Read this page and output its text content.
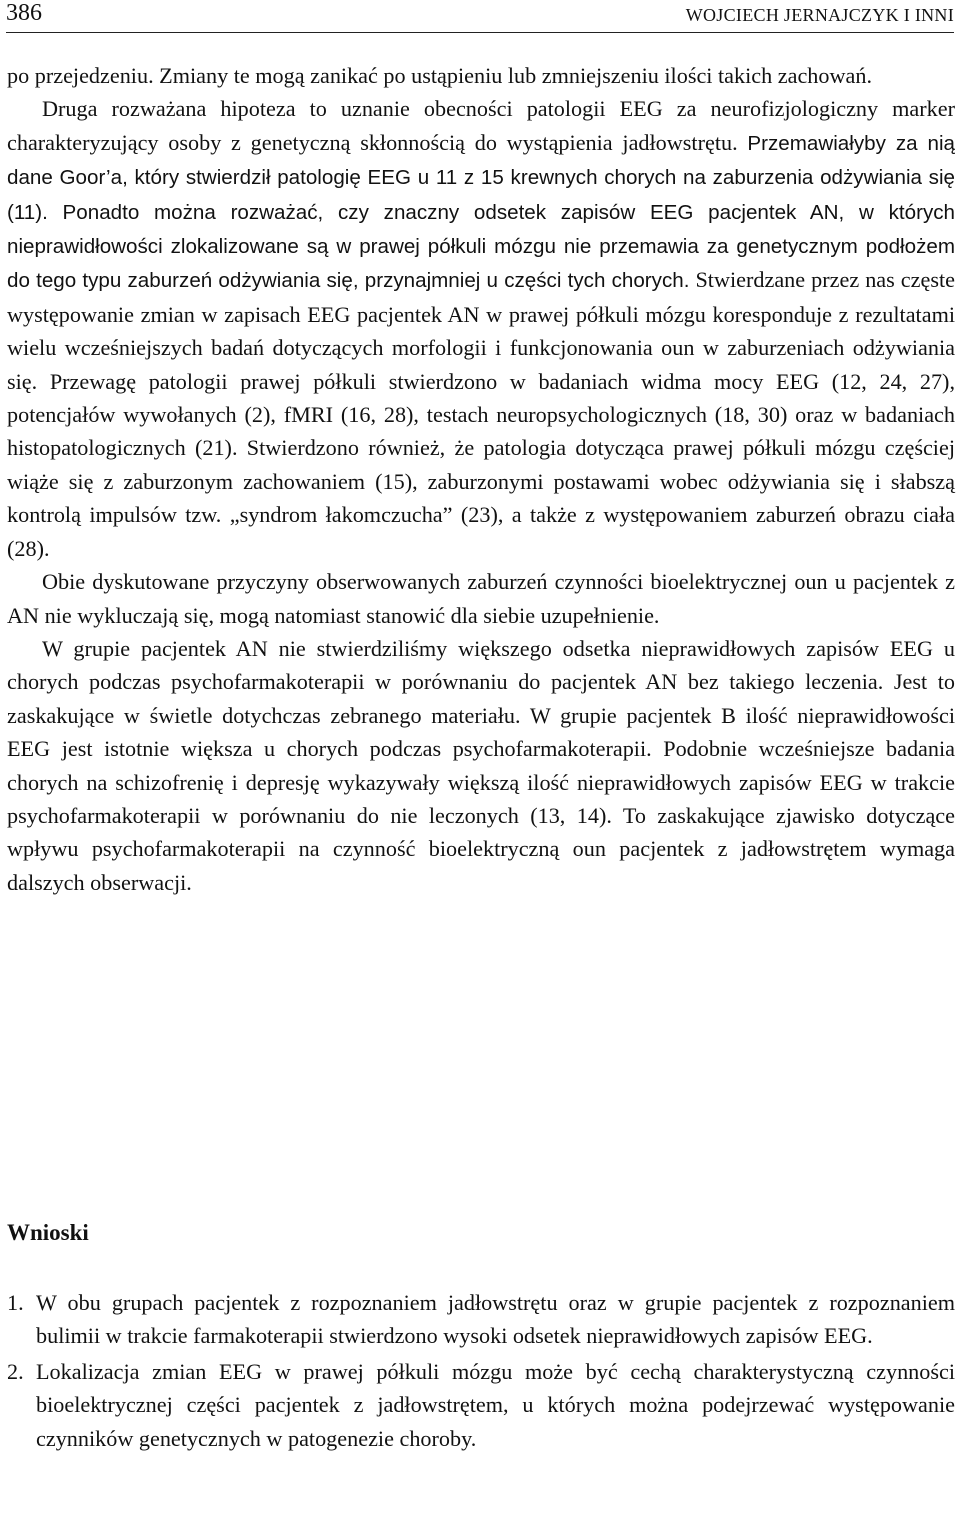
386	WOJCIECH JERNAJCZYK I INNI

po przejedzeniu. Zmiany te mogą zanikać po ustąpieniu lub zmniejszeniu ilości takich zachowań.

Druga rozważana hipoteza to uznanie obecności patologii EEG za neurofizjologiczny marker charakteryzujący osoby z genetyczną skłonnością do wystąpienia jadłowstrętu. Przemawiałyby za nią dane Goor’a, który stwierdził patologię EEG u 11 z 15 krewnych chorych na zaburzenia odżywiania się (11). Ponadto można rozważać, czy znaczny odsetek zapisów EEG pacjentek AN, w których nieprawidłowości zlokalizowane są w prawej półkuli mózgu nie przemawia za genetycznym podłożem do tego typu zaburzeń odżywiania się, przynajmniej u części tych chorych. Stwierdzane przez nas częste występowanie zmian w zapisach EEG pacjentek AN w prawej półkuli mózgu koresponduje z rezultatami wielu wcześniejszych badań dotyczących morfologii i funkcjonowania oun w zaburzeniach odżywiania się. Przewagę patologii prawej półkuli stwierdzono w badaniach widma mocy EEG (12, 24, 27), potencjałów wywołanych (2), fMRI (16, 28), testach neuropsychologicznych (18, 30) oraz w badaniach histopatologicznych (21). Stwierdzono również, że patologia dotycząca prawej półkuli mózgu częściej wiąże się z zaburzonym zachowaniem (15), zaburzonymi postawami wobec odżywiania się i słabszą kontrolą impulsów tzw. „syndrom łakomczucha” (23), a także z występowaniem zaburzeń obrazu ciała (28).

Obie dyskutowane przyczyny obserwowanych zaburzeń czynności bioelektrycznej oun u pacjentek z AN nie wykluczają się, mogą natomiast stanowić dla siebie uzupełnienie.

W grupie pacjentek AN nie stwierdziliśmy większego odsetka nieprawidłowych zapisów EEG u chorych podczas psychofarmakoterapii w porównaniu do pacjentek AN bez takiego leczenia. Jest to zaskakujące w świetle dotychczas zebranego materiału. W grupie pacjentek B ilość nieprawidłowości EEG jest istotnie większa u chorych podczas psychofarmakoterapii. Podobnie wcześniejsze badania chorych na schizofrenię i depresję wykazywały większą ilość nieprawidłowych zapisów EEG w trakcie psychofarmakoterapii w porównaniu do nie leczonych (13, 14). To zaskakujące zjawisko dotyczące wpływu psychofarmakoterapii na czynność bioelektryczną oun pacjentek z jadłowstrętem wymaga dalszych obserwacji.

Wnioski
1. W obu grupach pacjentek z rozpoznaniem jadłowstrętu oraz w grupie pacjentek z rozpoznaniem bulimii w trakcie farmakoterapii stwierdzono wysoki odsetek nieprawidłowych zapisów EEG.
2. Lokalizacja zmian EEG w prawej półkuli mózgu może być cechą charakterystyczną czynności bioelektrycznej części pacjentek z jadłowstrętem, u których można podejrzewać występowanie czynników genetycznych w patogenezie choroby.
